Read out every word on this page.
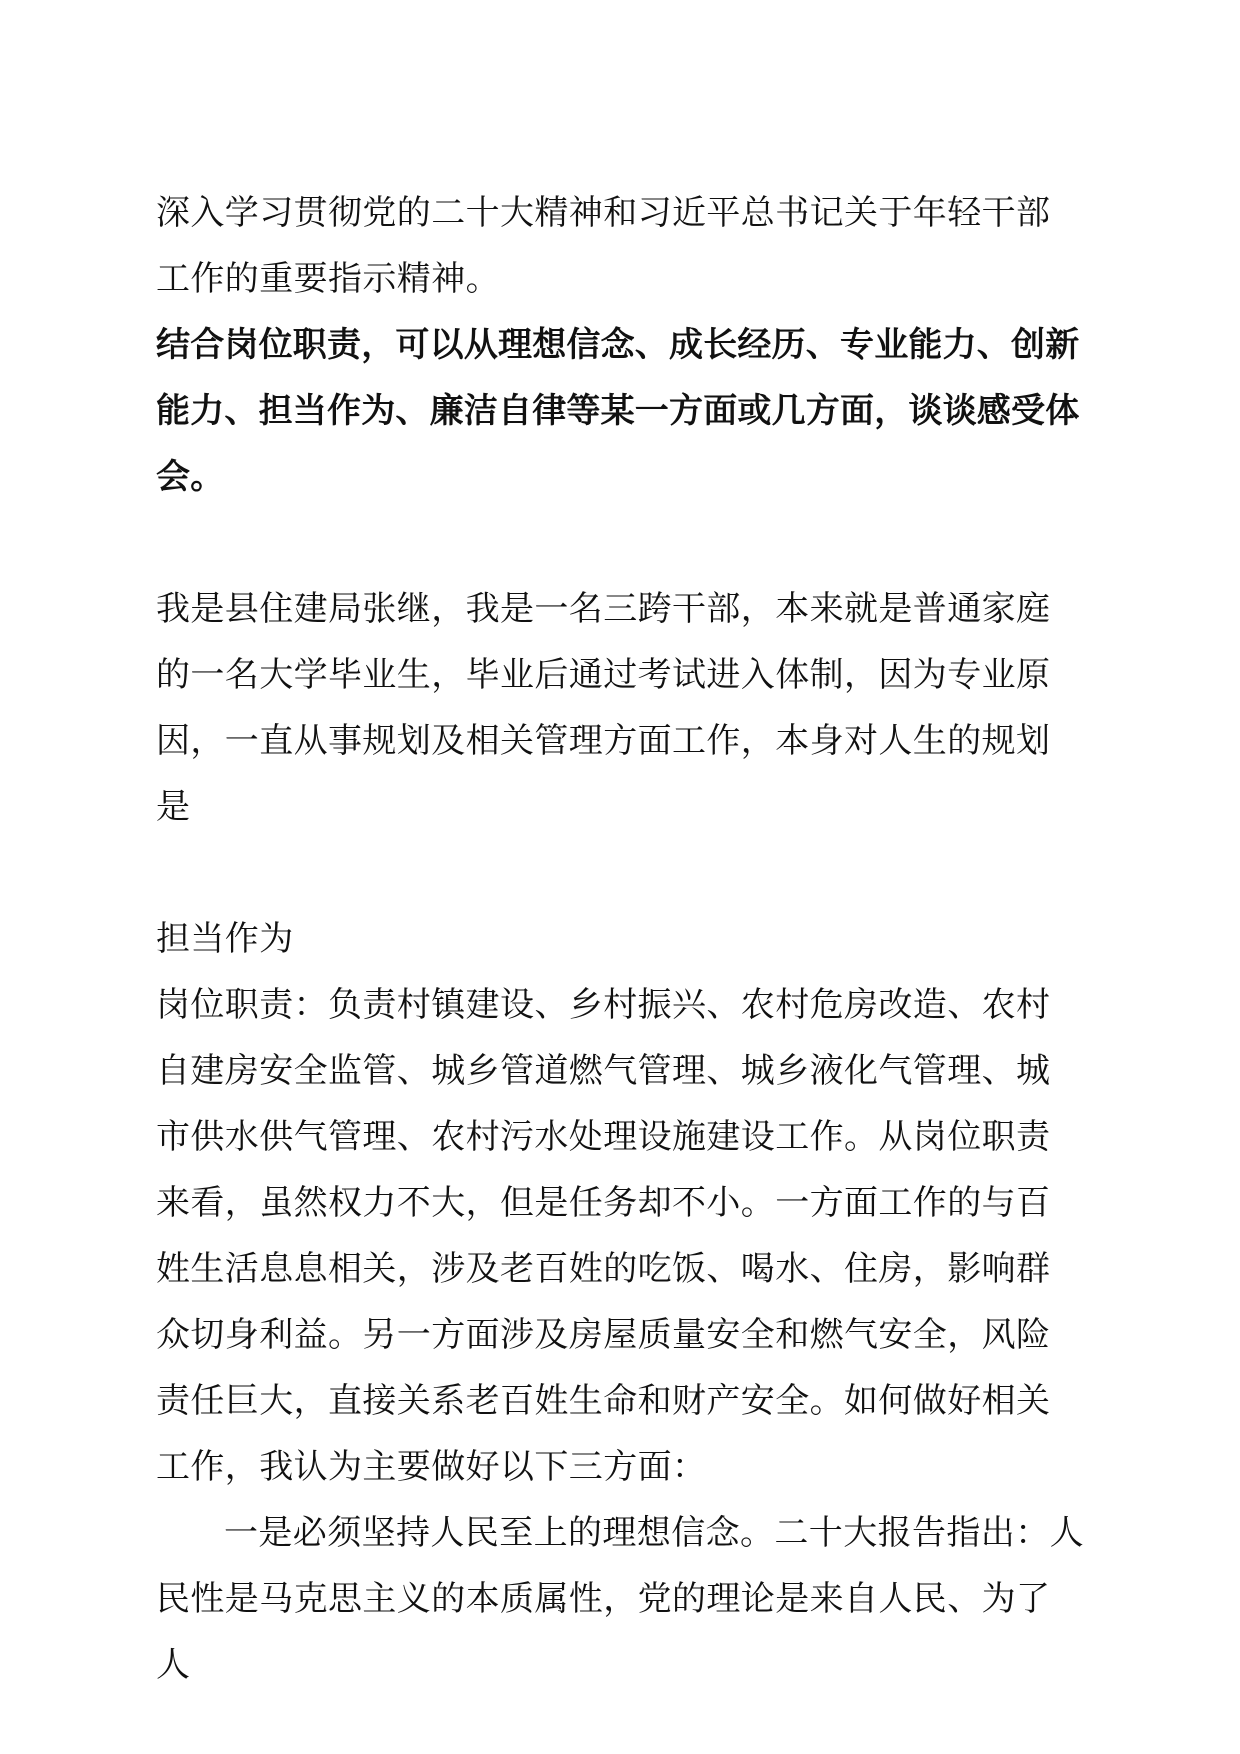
深入学习贯彻党的二十大精神和习近平总书记关于年轻干部工作的重要指示精神。

结合岗位职责，可以从理想信念、成长经历、专业能力、创新能力、担当作为、廉洁自律等某一方面或几方面，谈谈感受体会。

我是县住建局张继，我是一名三跨干部，本来就是普通家庭的一名大学毕业生，毕业后通过考试进入体制，因为专业原因，一直从事规划及相关管理方面工作，本身对人生的规划是

担当作为

岗位职责：负责村镇建设、乡村振兴、农村危房改造、农村自建房安全监管、城乡管道燃气管理、城乡液化气管理、城市供水供气管理、农村污水处理设施建设工作。从岗位职责来看，虽然权力不大，但是任务却不小。一方面工作的与百姓生活息息相关，涉及老百姓的吃饭、喝水、住房，影响群众切身利益。另一方面涉及房屋质量安全和燃气安全，风险责任巨大，直接关系老百姓生命和财产安全。如何做好相关工作，我认为主要做好以下三方面：

一是必须坚持人民至上的理想信念。二十大报告指出：人民性是马克思主义的本质属性，党的理论是来自人民、为了人
